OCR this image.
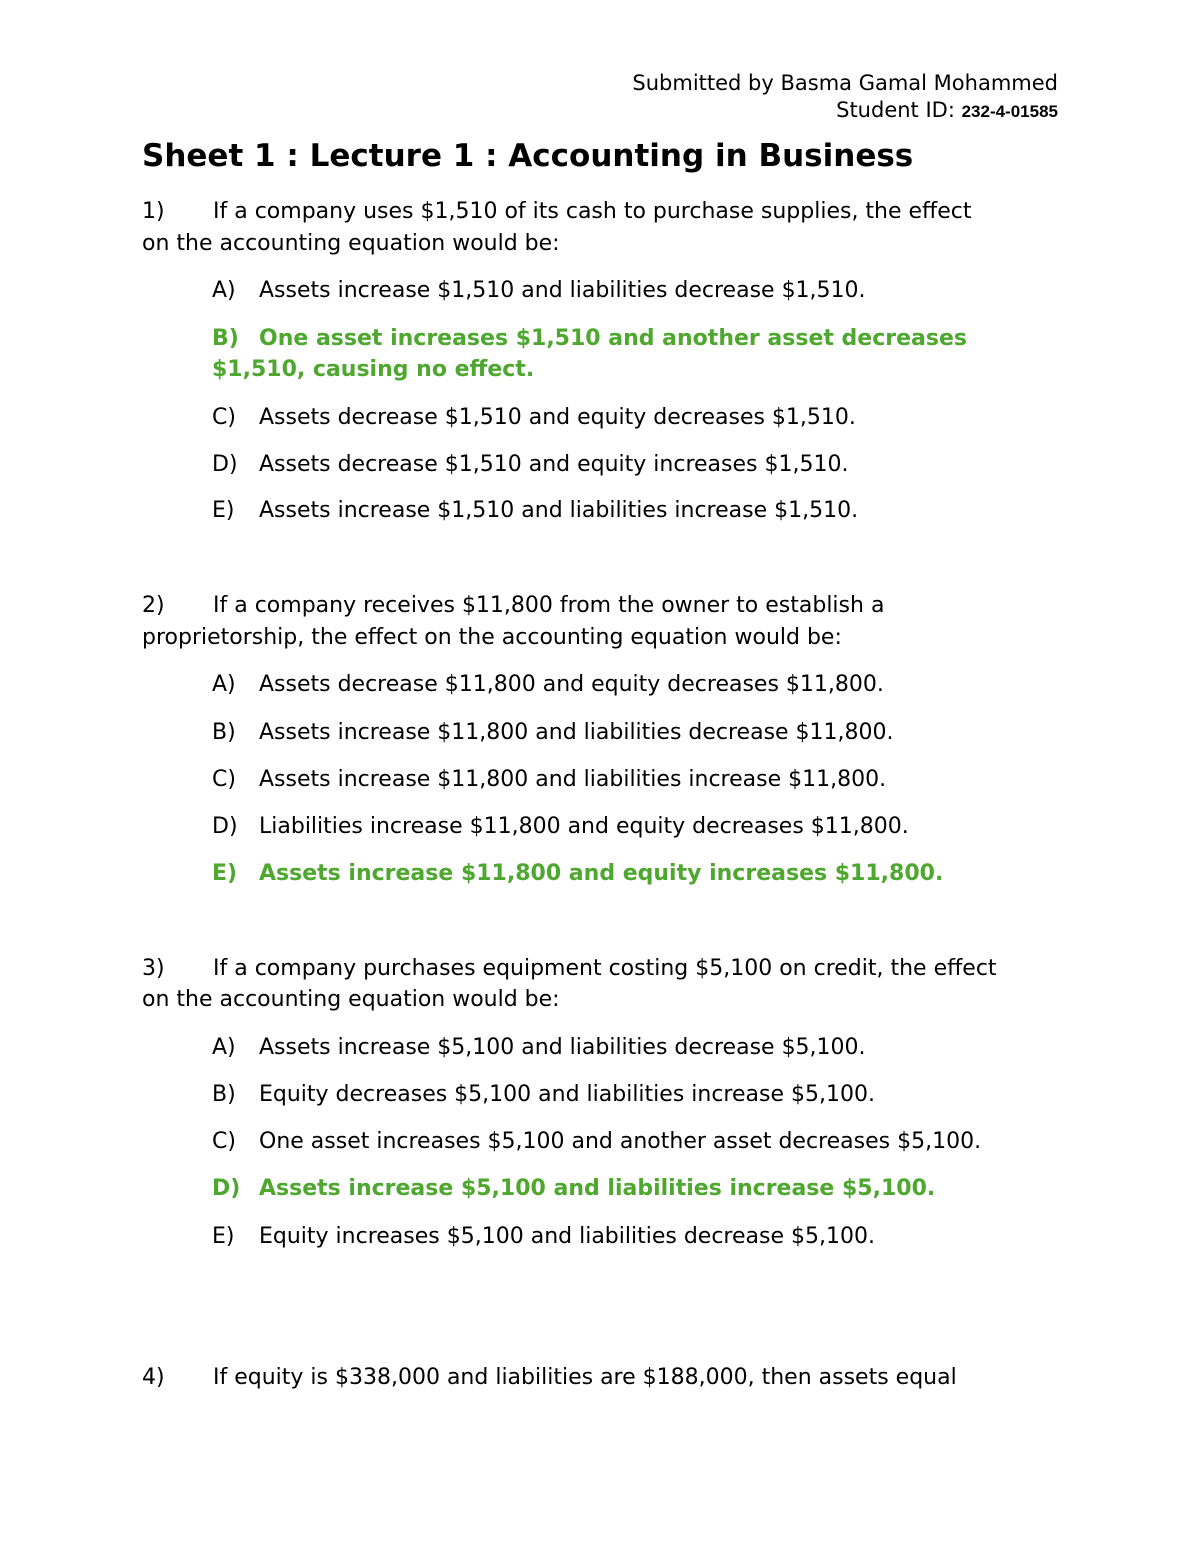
Submitted by Basma Gamal Mohammed
Student ID: 232-4-01585
Sheet 1 : Lecture 1 : Accounting in Business
1) If a company uses $1,510 of its cash to purchase supplies, the effect
on the accounting equation would be:
A) Assets increase $1,510 and liabilities decrease $1,510.
B) One asset increases $1,510 and another asset decreases
$1,510, causing no effect.
C) Assets decrease $1,510 and equity decreases $1,510.
D) Assets decrease $1,510 and equity increases $1,510.
E) Assets increase $1,510 and liabilities increase $1,510.
2) If a company receives $11,800 from the owner to establish a
proprietorship, the effect on the accounting equation would be:
A) Assets decrease $11,800 and equity decreases $11,800.
B) Assets increase $11,800 and liabilities decrease $11,800.
C) Assets increase $11,800 and liabilities increase $11,800.
D) Liabilities increase $11,800 and equity decreases $11,800.
E) Assets increase $11,800 and equity increases $11,800.
3) If a company purchases equipment costing $5,100 on credit, the effect
on the accounting equation would be:
A) Assets increase $5,100 and liabilities decrease $5,100.
B) Equity decreases $5,100 and liabilities increase $5,100.
C) One asset increases $5,100 and another asset decreases $5,100.
D) Assets increase $5,100 and liabilities increase $5,100.
E) Equity increases $5,100 and liabilities decrease $5,100.
4) If equity is $338,000 and liabilities are $188,000, then assets equal
